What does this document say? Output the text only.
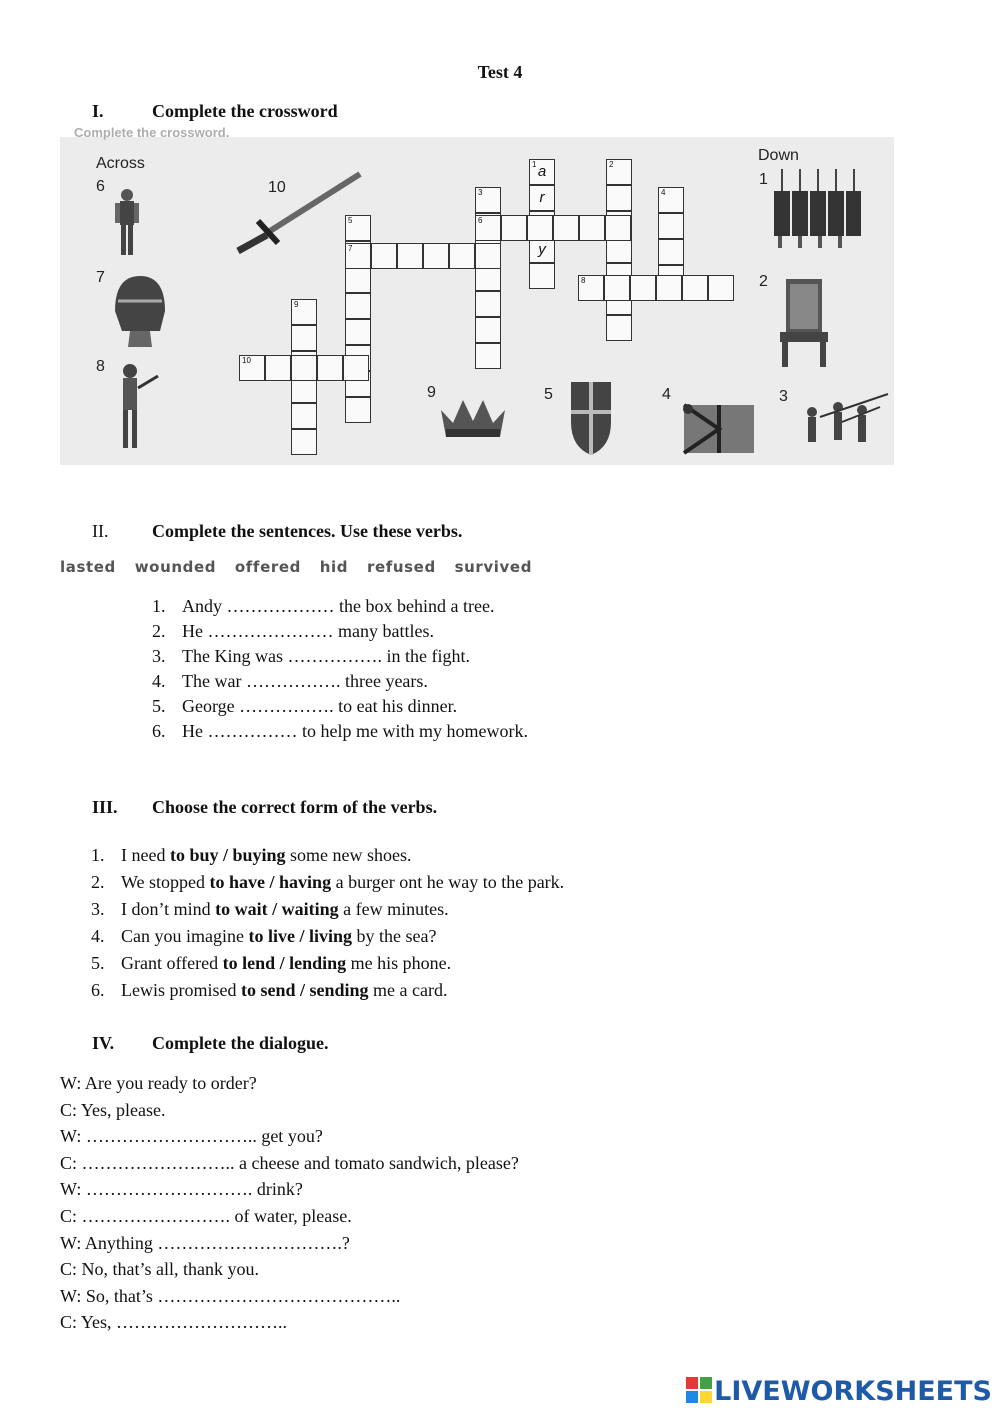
Test 4
I.	Complete the crossword
Complete the crossword.
Across	Down
6
7
8
10	1
2
3
4
5
9
1 a
r
y
2
3	4
5	6
7
8
9
10
II. Complete the sentences. Use these verbs.
lasted wounded offered hid refused survived
1. Andy ……………… the box behind a tree.
2. He ………………… many battles.
3. The King was ……………. in the fight.
4. The war ……………. three years.
5. George ……………. to eat his dinner.
6. He …………… to help me with my homework.
III. Choose the correct form of the verbs.
1. I need to buy / buying some new shoes.
2. We stopped to have / having a burger ont he way to the park.
3. I don’t mind to wait / waiting a few minutes.
4. Can you imagine to live / living by the sea?
5. Grant offered to lend / lending me his phone.
6. Lewis promised to send / sending me a card.
IV. Complete the dialogue.
W: Are you ready to order?
C: Yes, please.
W: ……………………….. get you?
C: …………………….. a cheese and tomato sandwich, please?
W: ………………………. drink?
C: ……………………. of water, please.
W: Anything ………………………….?
C: No, that’s all, thank you.
W: So, that’s …………………………………..
C: Yes, ………………………..
LIVEWORKSHEETS
